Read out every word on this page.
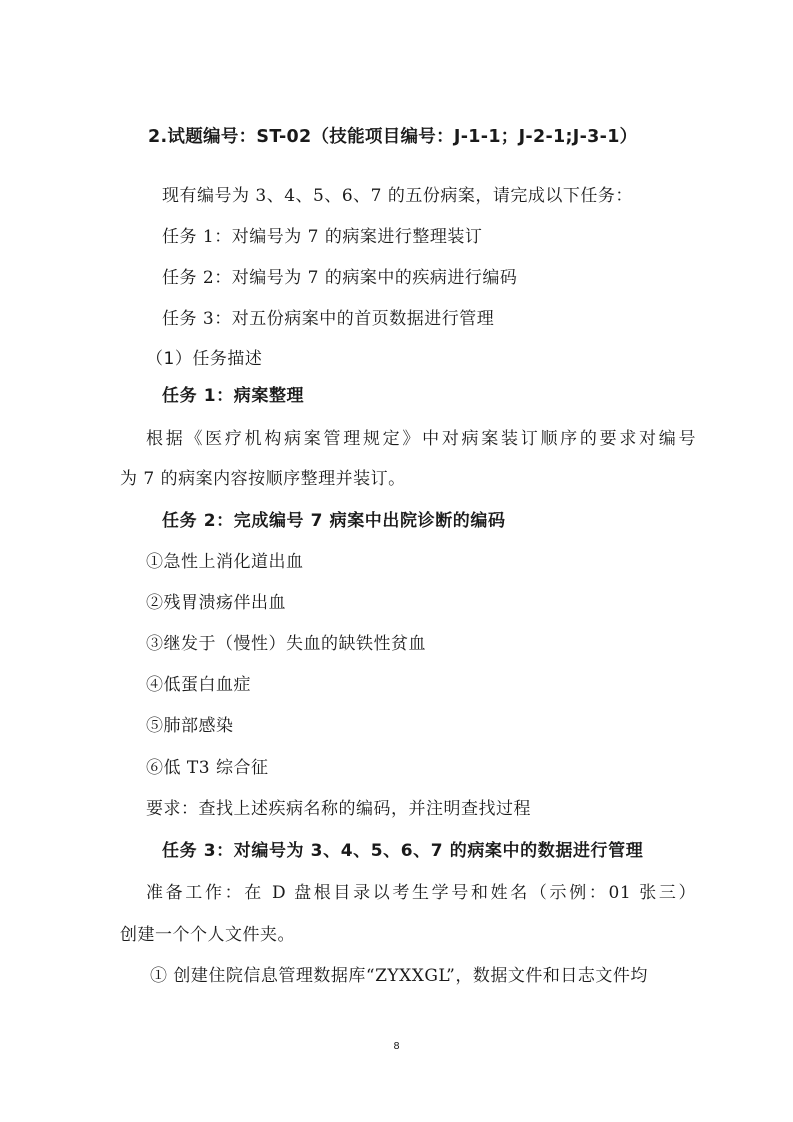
2.试题编号：ST-02（技能项目编号：J-1-1；J-2-1;J-3-1）
现有编号为 3、4、5、6、7 的五份病案，请完成以下任务：
任务 1：对编号为 7 的病案进行整理装订
任务 2：对编号为 7 的病案中的疾病进行编码
任务 3：对五份病案中的首页数据进行管理
（1）任务描述
任务 1：病案整理
根据《医疗机构病案管理规定》中对病案装订顺序的要求对编号
为 7 的病案内容按顺序整理并装订。
任务 2：完成编号 7 病案中出院诊断的编码
①急性上消化道出血
②残胃溃疡伴出血
③继发于（慢性）失血的缺铁性贫血
④低蛋白血症
⑤肺部感染
⑥低 T3 综合征
要求：查找上述疾病名称的编码，并注明查找过程
任务 3：对编号为 3、4、5、6、7 的病案中的数据进行管理
准备工作：在 D 盘根目录以考生学号和姓名（示例：01 张三）
创建一个个人文件夹。
① 创建住院信息管理数据库“ZYXXGL”，数据文件和日志文件均
8
